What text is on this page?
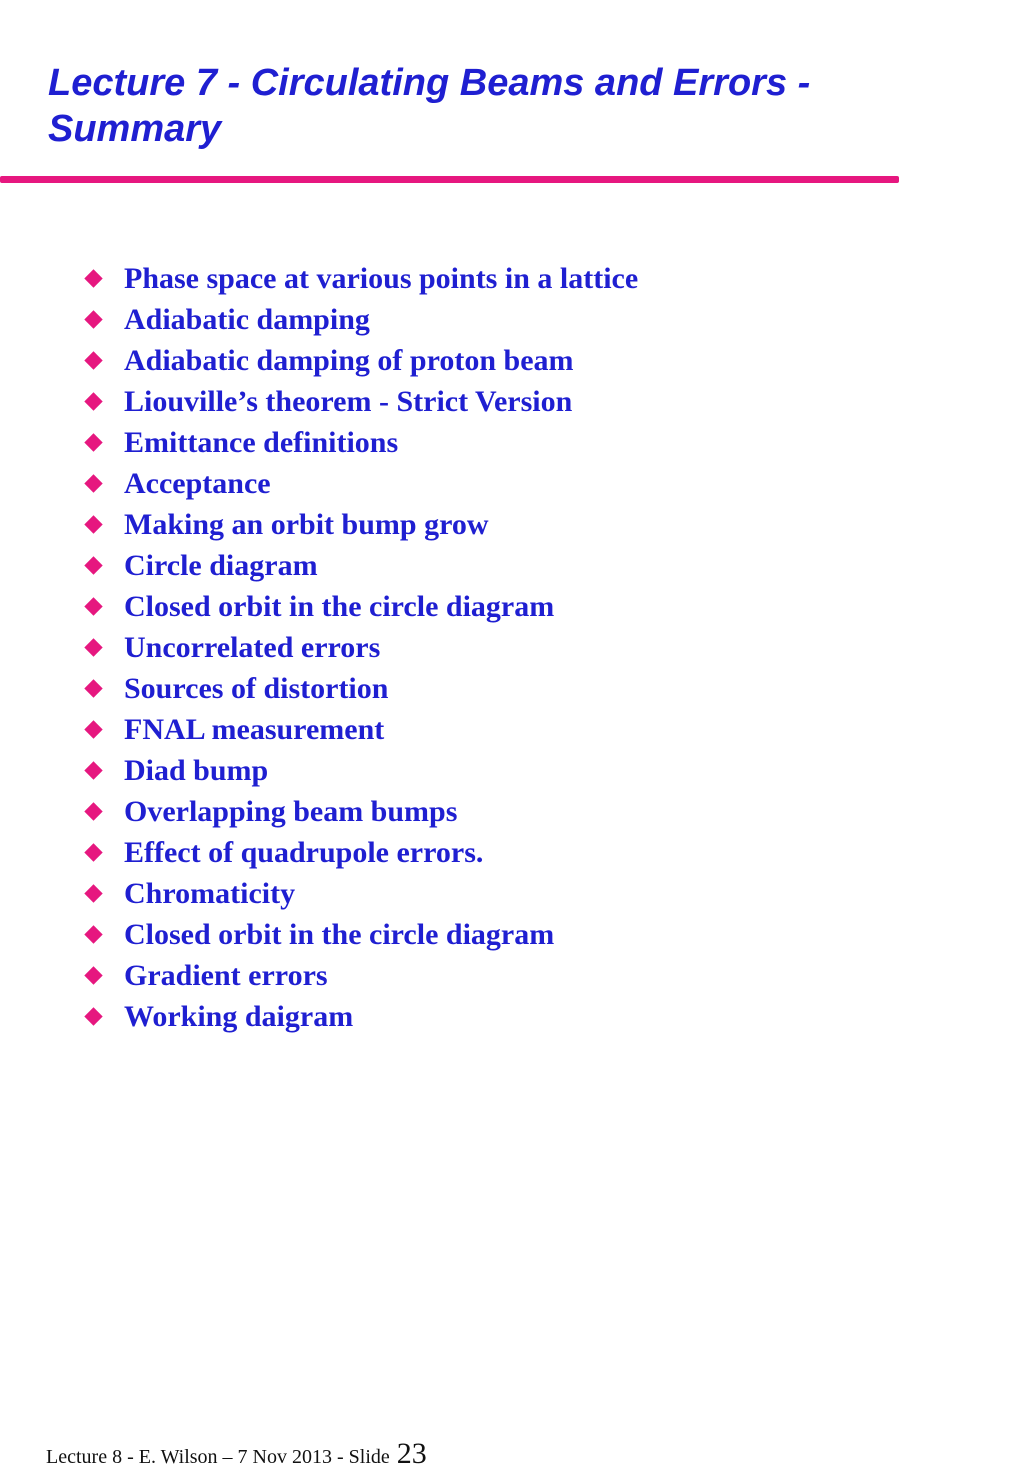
Lecture 7 - Circulating Beams and Errors - Summary
Phase space at various points in a lattice
Adiabatic damping
Adiabatic damping of proton beam
Liouville’s theorem - Strict Version
Emittance definitions
Acceptance
Making an orbit bump grow
Circle diagram
Closed orbit in the circle diagram
Uncorrelated errors
Sources of distortion
FNAL measurement
Diad bump
Overlapping beam bumps
Effect of quadrupole errors.
Chromaticity
Closed orbit in the circle diagram
Gradient errors
Working daigram
Lecture 8 - E. Wilson – 7 Nov 2013 - Slide 23
